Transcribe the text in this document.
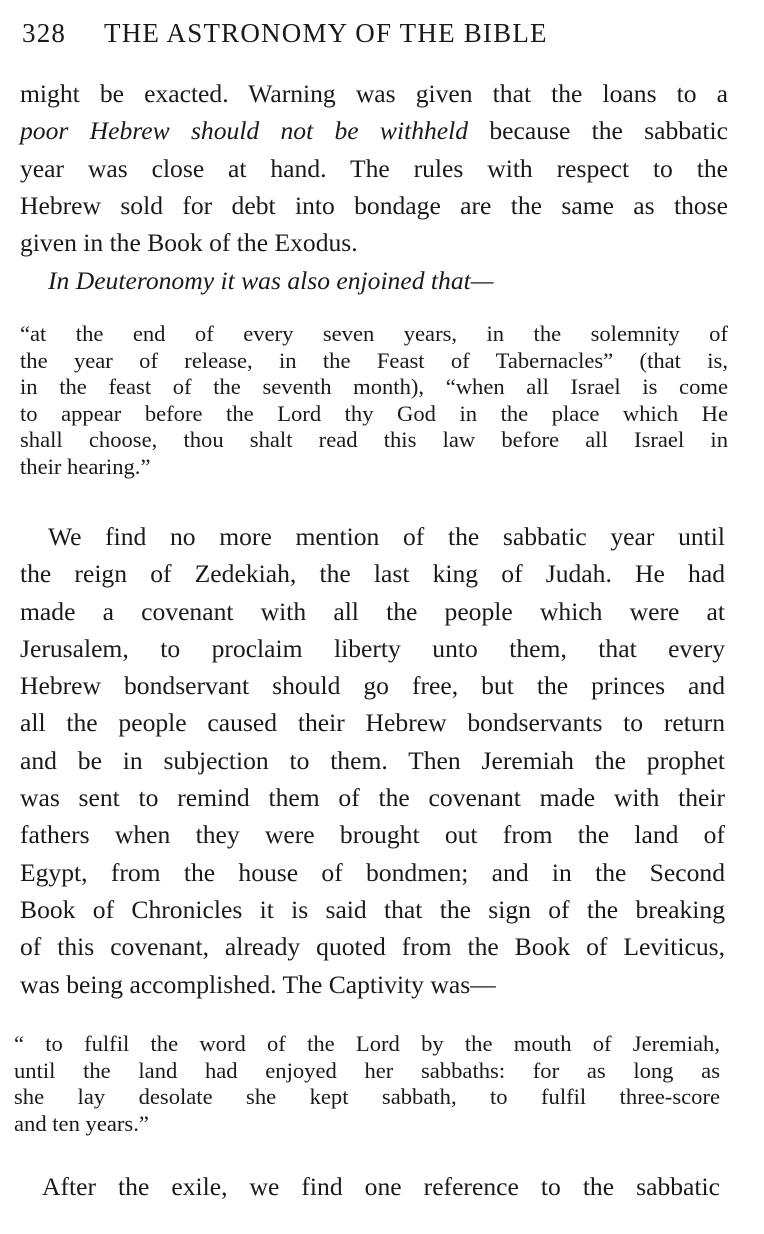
328 THE ASTRONOMY OF THE BIBLE

might be exacted. Warning was given that the loans to a
poor Hebrew should not be withheld because the sabbatic
year was close at hand. The rules with respect to the
Hebrew sold for debt into bondage are the same as those
given in the Book of the Exodus.

In Deuteronomy it was also enjoined that—

“at the end of every seven years, in the solemnity of
the year of release, in the Feast of Tabernacles” (that is,
in the feast of the seventh month), “when all Israel is come
to appear before the Lord thy God in the place which He
shall choose, thou shalt read this law before all Israel in
their hearing.”

We find no more mention of the sabbatic year until
the reign of Zedekiah, the last king of Judah. He had
made a covenant with all the people which were at
Jerusalem, to proclaim liberty unto them, that every
Hebrew bondservant should go free, but the princes and
all the people caused their Hebrew bondservants to return
and be in subjection to them. Then Jeremiah the prophet
was sent to remind them of the covenant made with their
fathers when they were brought out from the land of
Egypt, from the house of bondmen; and in the Second
Book of Chronicles it is said that the sign of the breaking
of this covenant, already quoted from the Book of Leviticus,
was being accomplished. The Captivity was—

“ to fulfil the word of the Lord by the mouth of Jeremiah,
until the land had enjoyed her sabbaths: for as long as
she lay desolate she kept sabbath, to fulfil three-score
and ten years.”

After the exile, we find one reference to the sabbatic
